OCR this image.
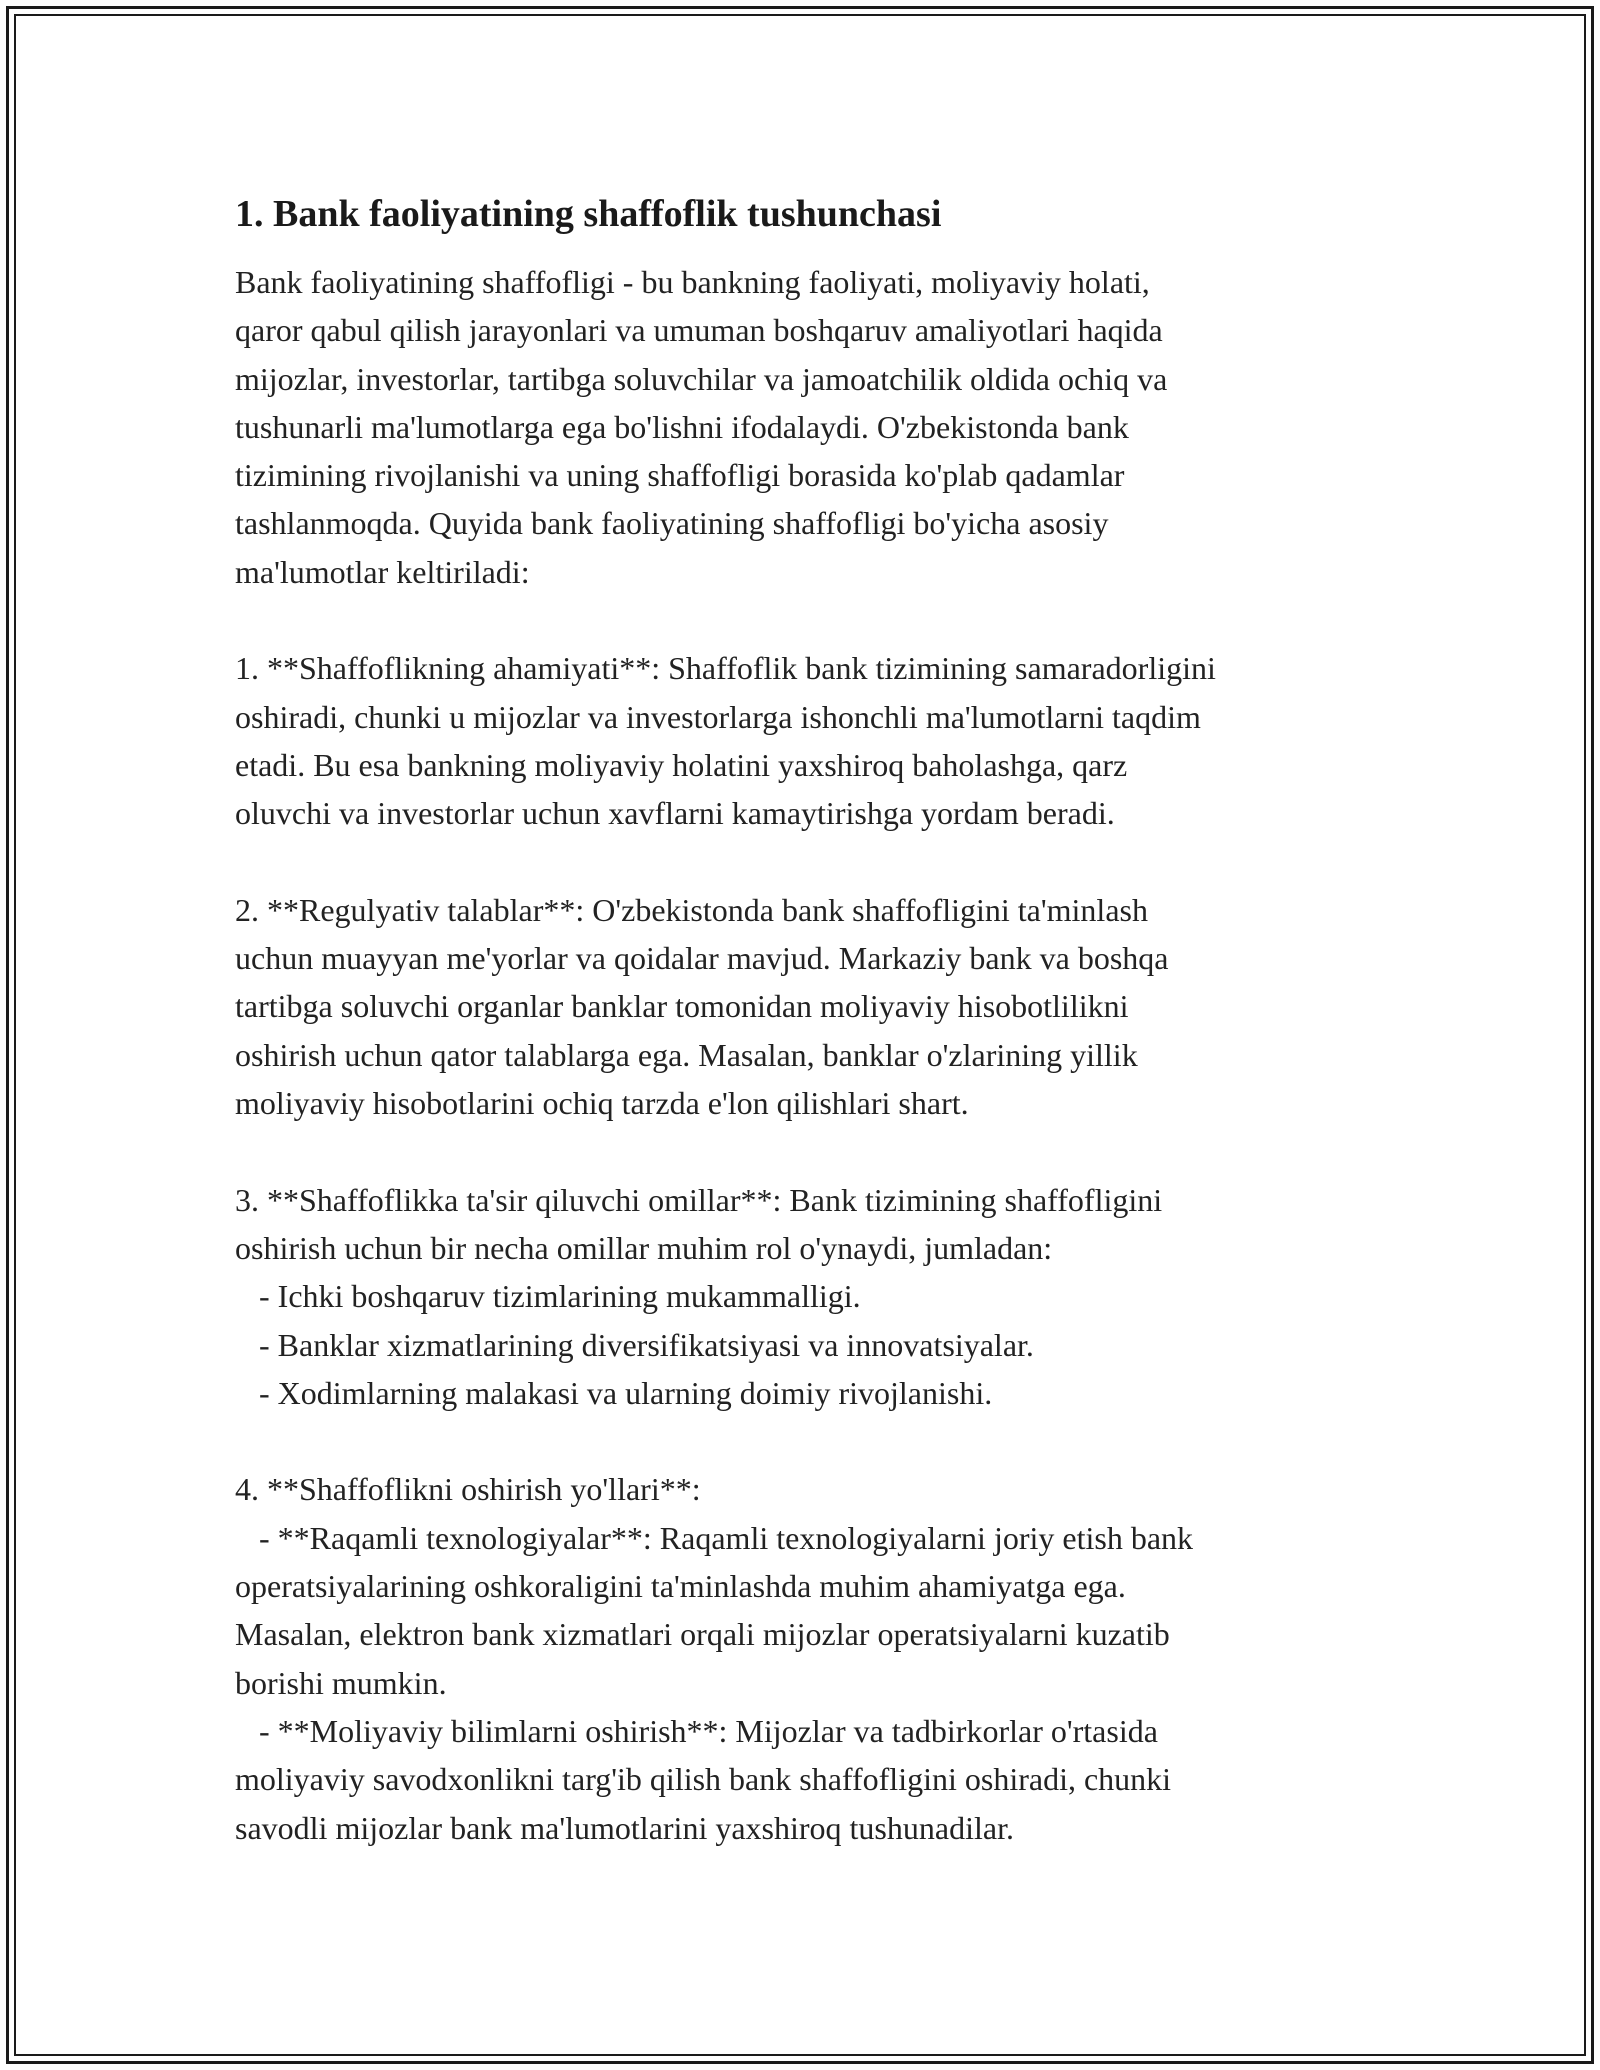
1. Bank faoliyatining shaffoflik tushunchasi

Bank faoliyatining shaffofligi - bu bankning faoliyati, moliyaviy holati,
qaror qabul qilish jarayonlari va umuman boshqaruv amaliyotlari haqida
mijozlar, investorlar, tartibga soluvchilar va jamoatchilik oldida ochiq va
tushunarli ma'lumotlarga ega bo'lishni ifodalaydi. O'zbekistonda bank
tizimining rivojlanishi va uning shaffofligi borasida ko'plab qadamlar
tashlanmoqda. Quyida bank faoliyatining shaffofligi bo'yicha asosiy
ma'lumotlar keltiriladi:

1. **Shaffoflikning ahamiyati**: Shaffoflik bank tizimining samaradorligini
oshiradi, chunki u mijozlar va investorlarga ishonchli ma'lumotlarni taqdim
etadi. Bu esa bankning moliyaviy holatini yaxshiroq baholashga, qarz
oluvchi va investorlar uchun xavflarni kamaytirishga yordam beradi.

2. **Regulyativ talablar**: O'zbekistonda bank shaffofligini ta'minlash
uchun muayyan me'yorlar va qoidalar mavjud. Markaziy bank va boshqa
tartibga soluvchi organlar banklar tomonidan moliyaviy hisobotlilikni
oshirish uchun qator talablarga ega. Masalan, banklar o'zlarining yillik
moliyaviy hisobotlarini ochiq tarzda e'lon qilishlari shart.

3. **Shaffoflikka ta'sir qiluvchi omillar**: Bank tizimining shaffofligini
oshirish uchun bir necha omillar muhim rol o'ynaydi, jumladan:
- Ichki boshqaruv tizimlarining mukammalligi.
- Banklar xizmatlarining diversifikatsiyasi va innovatsiyalar.
- Xodimlarning malakasi va ularning doimiy rivojlanishi.

4. **Shaffoflikni oshirish yo'llari**:
- **Raqamli texnologiyalar**: Raqamli texnologiyalarni joriy etish bank
operatsiyalarining oshkoraligini ta'minlashda muhim ahamiyatga ega.
Masalan, elektron bank xizmatlari orqali mijozlar operatsiyalarni kuzatib
borishi mumkin.
- **Moliyaviy bilimlarni oshirish**: Mijozlar va tadbirkorlar o'rtasida
moliyaviy savodxonlikni targ'ib qilish bank shaffofligini oshiradi, chunki
savodli mijozlar bank ma'lumotlarini yaxshiroq tushunadilar.
